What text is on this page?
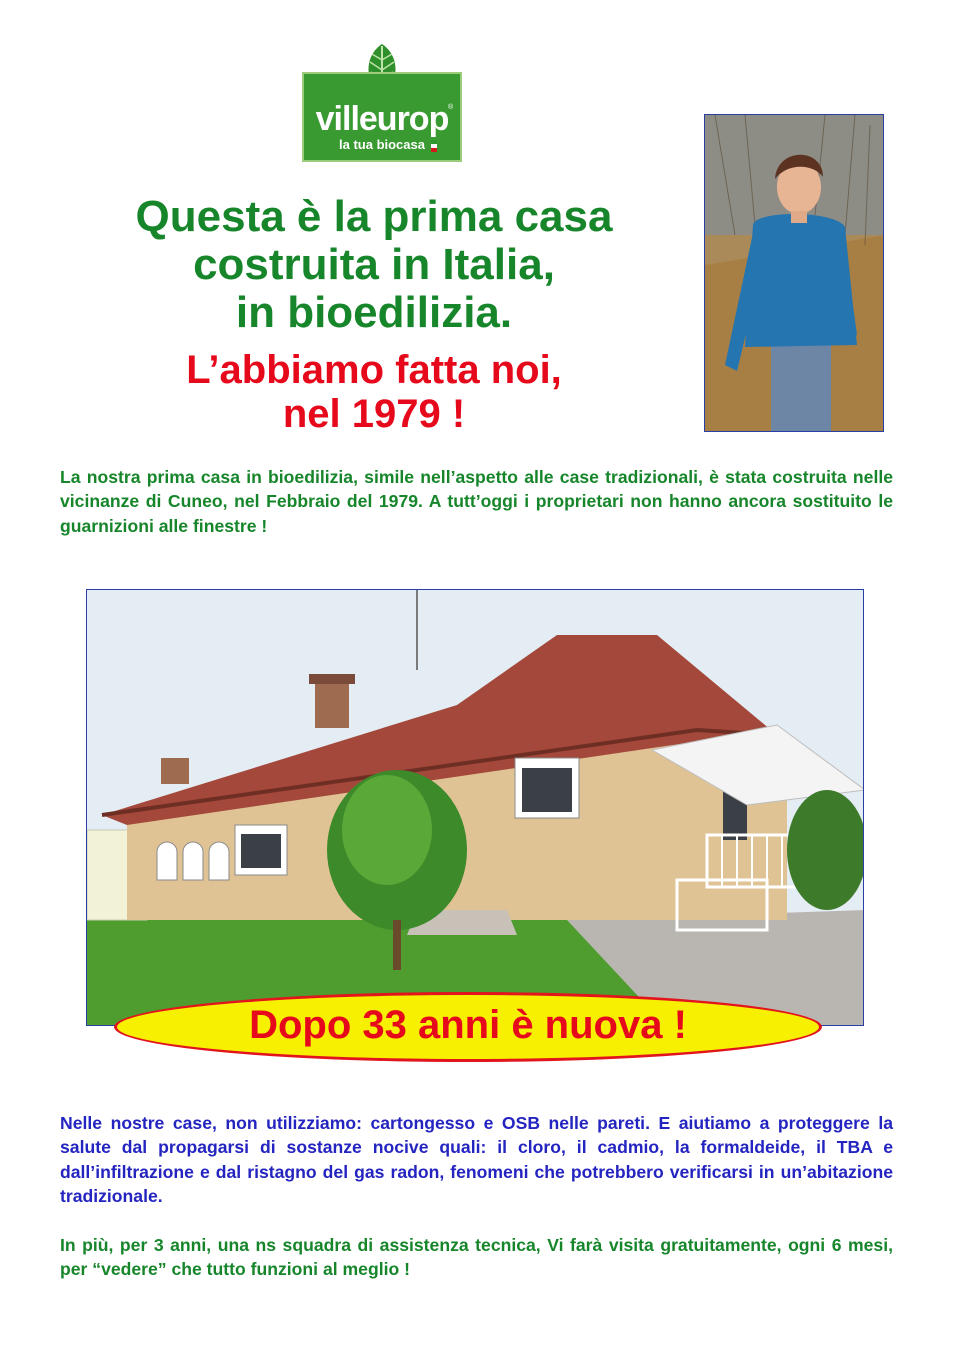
villeurop ®
la tua biocasa
Questa è la prima casa
costruita in Italia,
in bioedilizia.
L’abbiamo fatta noi,
nel 1979 !

La nostra prima casa in bioedilizia, simile nell’aspetto alle case tradizionali, è stata costruita nelle vicinanze di Cuneo, nel Febbraio del 1979. A tutt’oggi i proprietari non hanno ancora sostituito le guarnizioni alle finestre !

Dopo 33 anni è nuova !

Nelle nostre case, non utilizziamo: cartongesso e OSB nelle pareti. E aiutiamo a proteggere la salute dal propagarsi di sostanze nocive quali: il cloro, il cadmio, la formaldeide, il TBA e dall’infiltrazione e dal ristagno del gas radon, fenomeni che potrebbero verificarsi in un’abitazione tradizionale.

In più, per 3 anni, una ns squadra di assistenza tecnica, Vi farà visita gratuitamente, ogni 6 mesi, per “vedere” che tutto funzioni al meglio !
